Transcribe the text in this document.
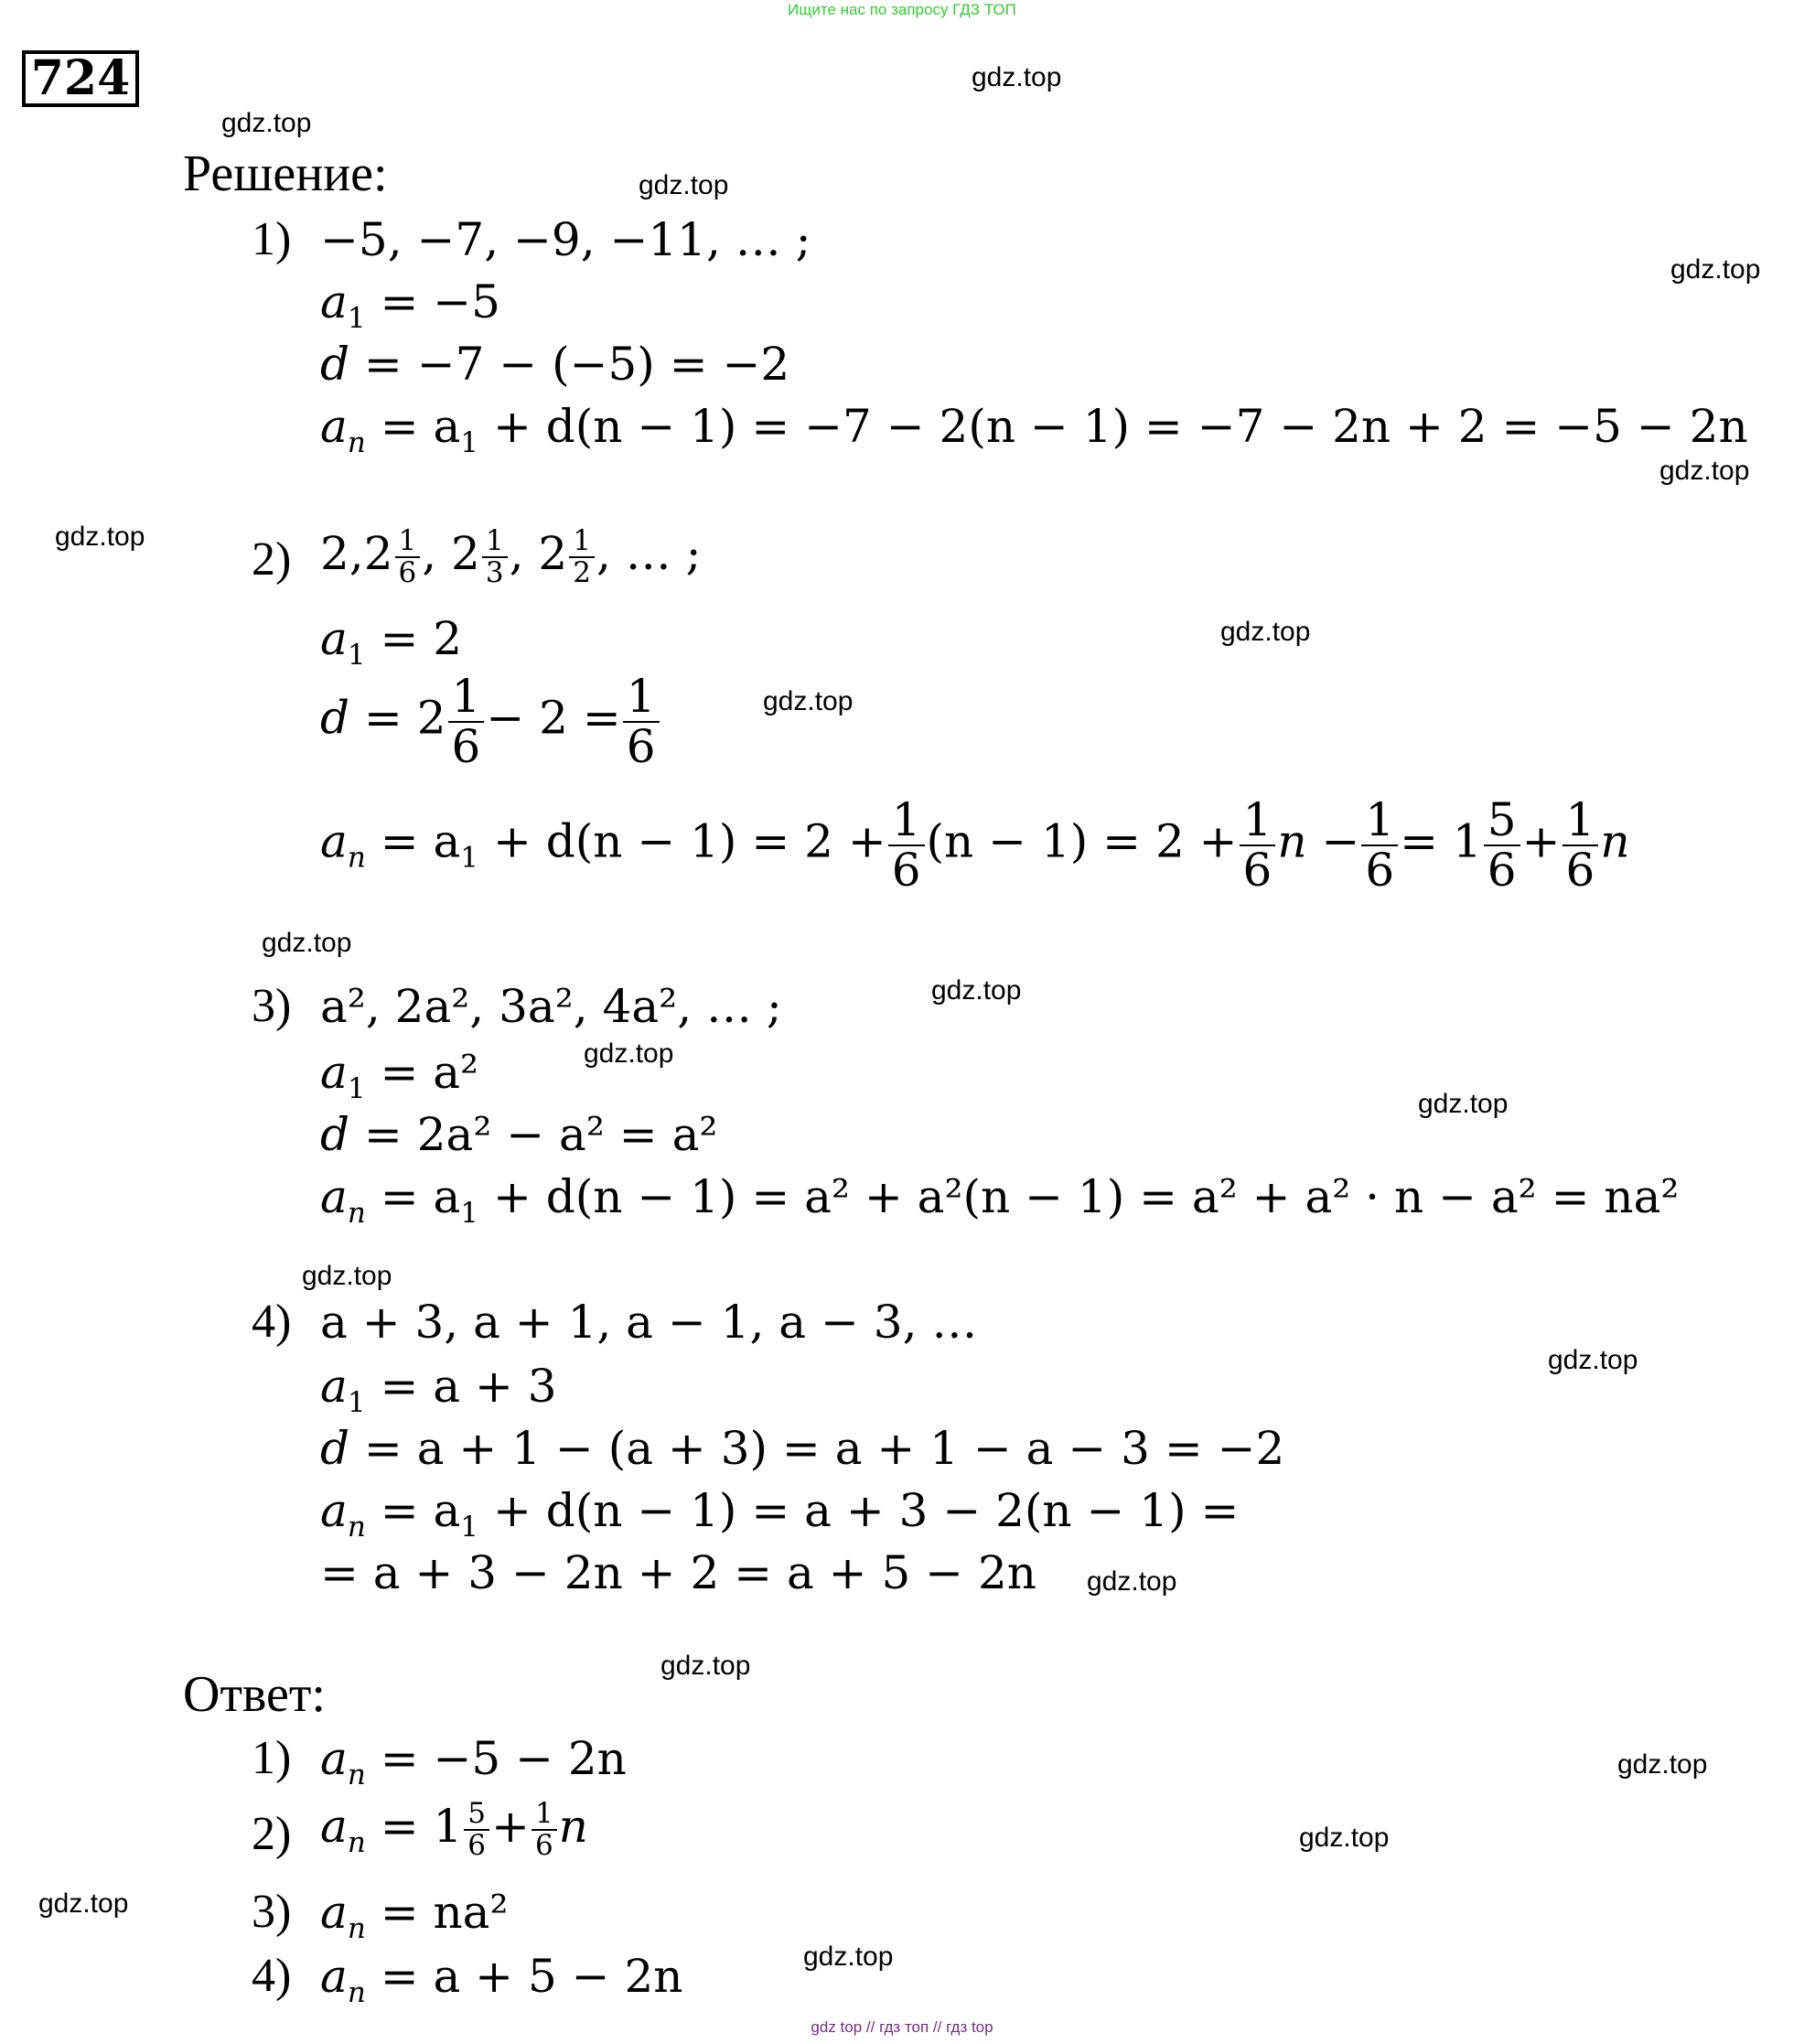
Ищите нас по запросу ГДЗ ТОП
724
Решение:
1) −5, −7, −9, −11, … ;
$a_1 = -5$
d = −7 − (−5) = −2
$a_n = a_1 + d(n - 1) = -7 - 2(n - 1) = -7 - 2n + 2 = -5 - 2n$
2) $2,2 \frac{1}{6}$ , $2 \frac{1}{3}$ , $2 \frac{1}{2}$ , … ;
$a_1 = 2$
$d = 2 \frac{1}{6} - 2 = \frac{1}{6}$
$a_n = a_1 + d(n - 1) = 2 + \frac{1}{6} (n - 1) = 2 + \frac{1}{6}$ $n - \frac{1}{6} = 1 \frac{5}{6} + \frac{1}{6}$ n
3) a², 2a², 3a², 4a², … ;
$a_1 = a^2$
d = 2a² − a² = a²
$a_n = a_1 + d(n - 1) = a^2 + a^2(n - 1) = a^2 + a^2 \cdot n - a^2 = na^2$
4) a + 3, a + 1, a − 1, a − 3, …
$a_1 = a + 3$
d = a + 1 − (a + 3) = a + 1 − a − 3 = −2
$a_n = a_1 + d(n - 1) = a + 3 - 2(n - 1)$ =
= a + 3 − 2n + 2 = a + 5 − 2n
Ответ:
1) $a_n = -5 - 2n$
2) $a_n = 1 \frac{5}{6} + \frac{1}{6}$ n
3) $a_n = na^2$
4) $a_n = a + 5 - 2n$
gdz.top
gdz.top
gdz.top
gdz.top
gdz.top
gdz.top
gdz.top
gdz.top
gdz.top
gdz.top
gdz.top
gdz.top
gdz.top
gdz.top
gdz.top
gdz.top
gdz.top
gdz.top
gdz.top
gdz.top
gdz top // гдз топ // гдз top
